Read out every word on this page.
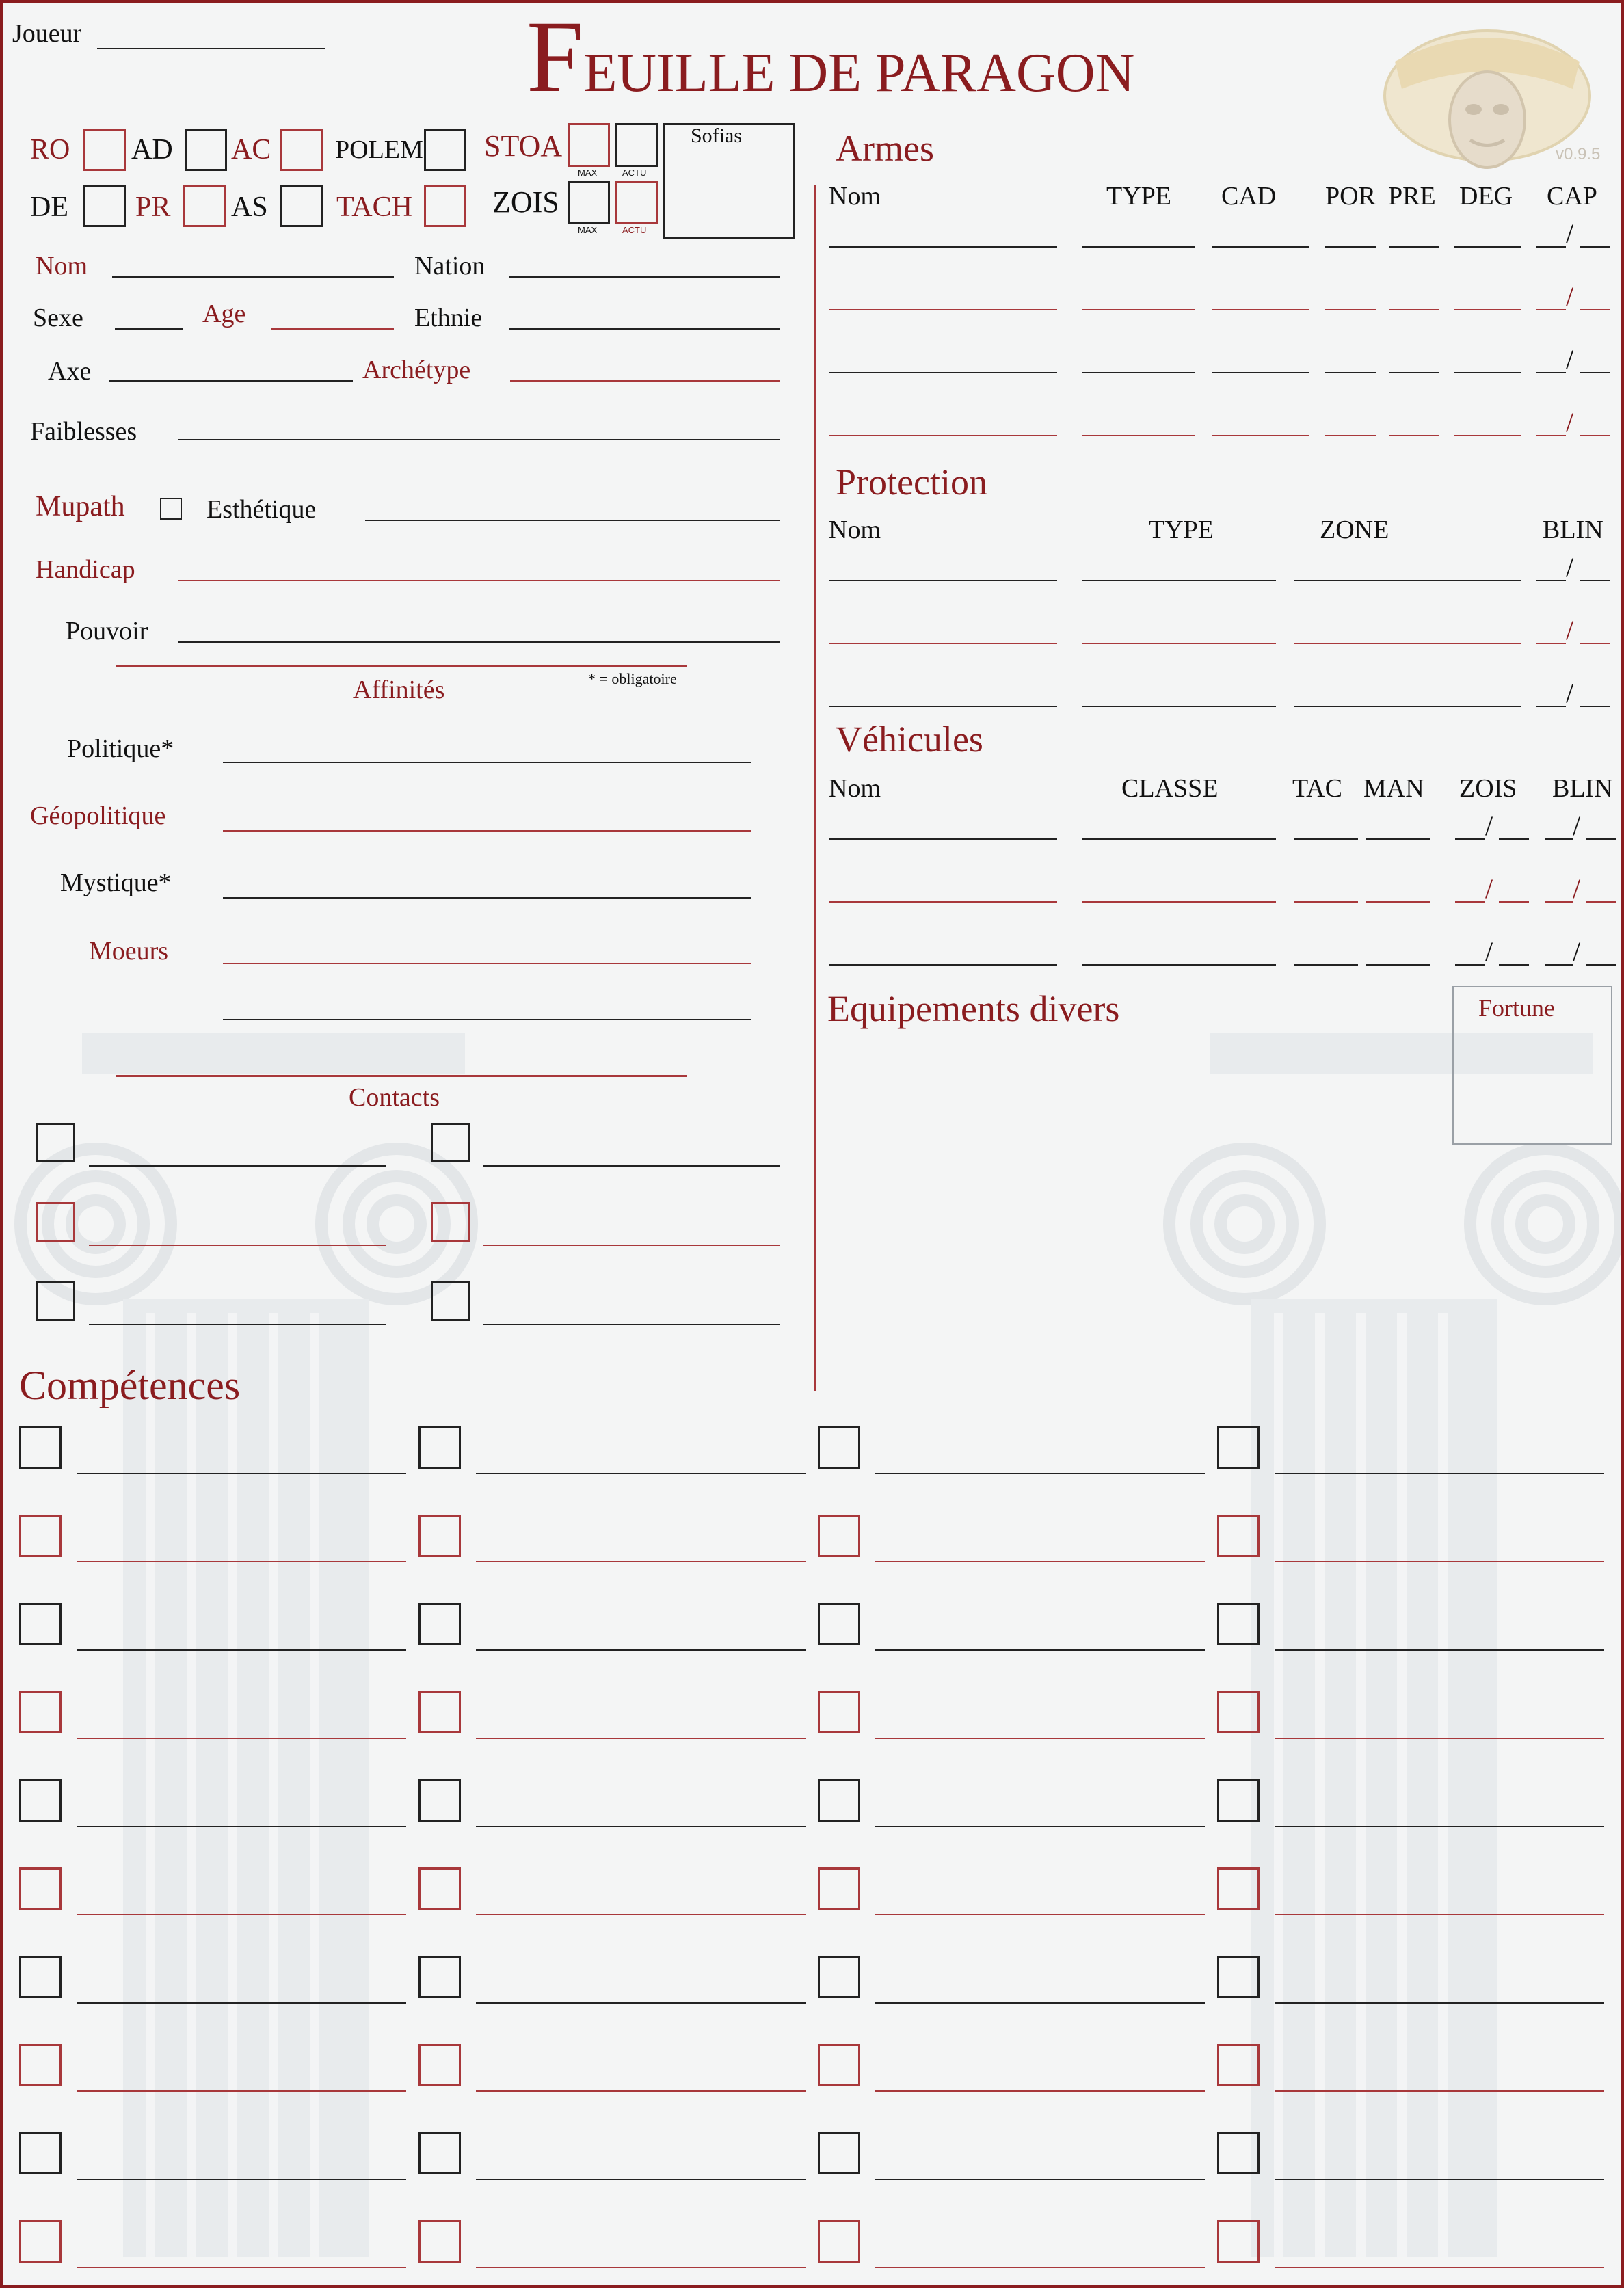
Joueur	FEUILLE DE PARAGON
v0.9.5
RO AD AC POLEM
DE PR AS TACH
STOA
MAX	ACTU
ZOIS
MAX	ACTU
Sofias
Nom	Nation
Sexe	Age	Ethnie
Axe	Archétype
Faiblesses
Mupath	Esthétique
Handicap
Pouvoir
Affinités	* = obligatoire
Politique*
Géopolitique
Mystique*
Moeurs
Contacts
Armes
Nom	TYPE CAD POR PRE DEG CAP
/
/
/
/
Protection
Nom	TYPE	ZONE	BLIN
/
/
/
Véhicules
Nom	CLASSE	TAC MAN ZOIS BLIN
/	/
/	/
/	/
Equipements divers	Fortune
Compétences
